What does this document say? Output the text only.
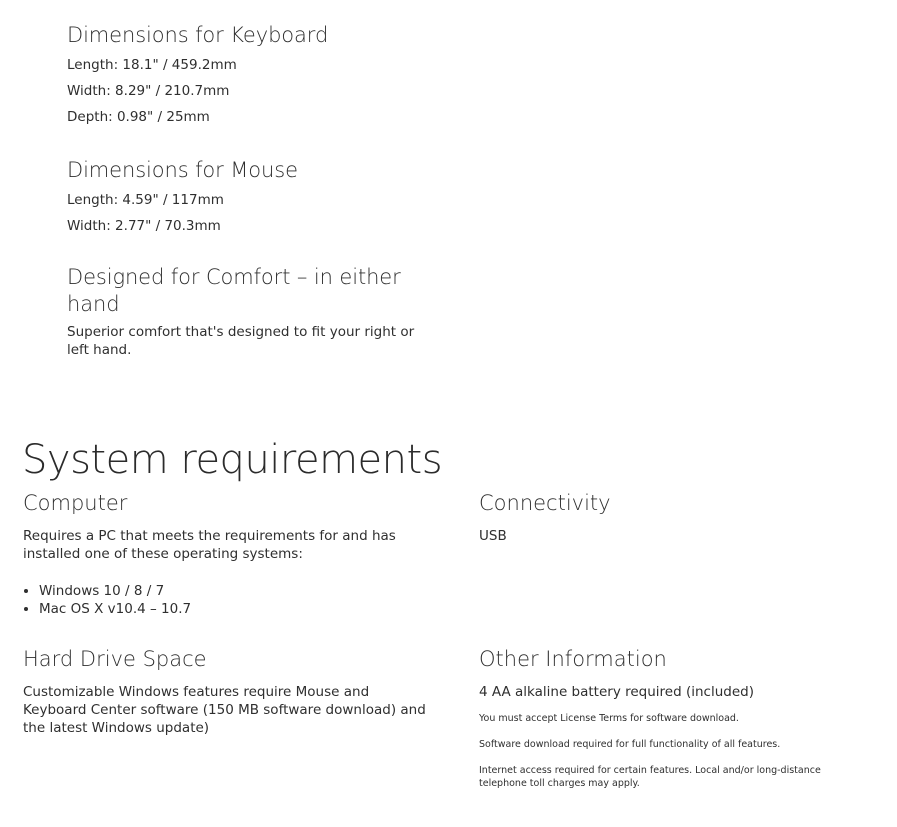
Dimensions for Keyboard

Length: 18.1" / 459.2mm

Width: 8.29" / 210.7mm

Depth: 0.98" / 25mm

Dimensions for Mouse

Length: 4.59" / 117mm

Width: 2.77" / 70.3mm

Designed for Comfort – in either hand

Superior comfort that's designed to fit your right or left hand.

System requirements
Computer

Requires a PC that meets the requirements for and has installed one of these operating systems:

• Windows 10 / 8 / 7
• Mac OS X v10.4 – 10.7
Connectivity

USB

Hard Drive Space

Customizable Windows features require Mouse and Keyboard Center software (150 MB software download) and the latest Windows update)

Other Information

4 AA alkaline battery required (included)

You must accept License Terms for software download.

Software download required for full functionality of all features.

Internet access required for certain features. Local and/or long-distance telephone toll charges may apply.
